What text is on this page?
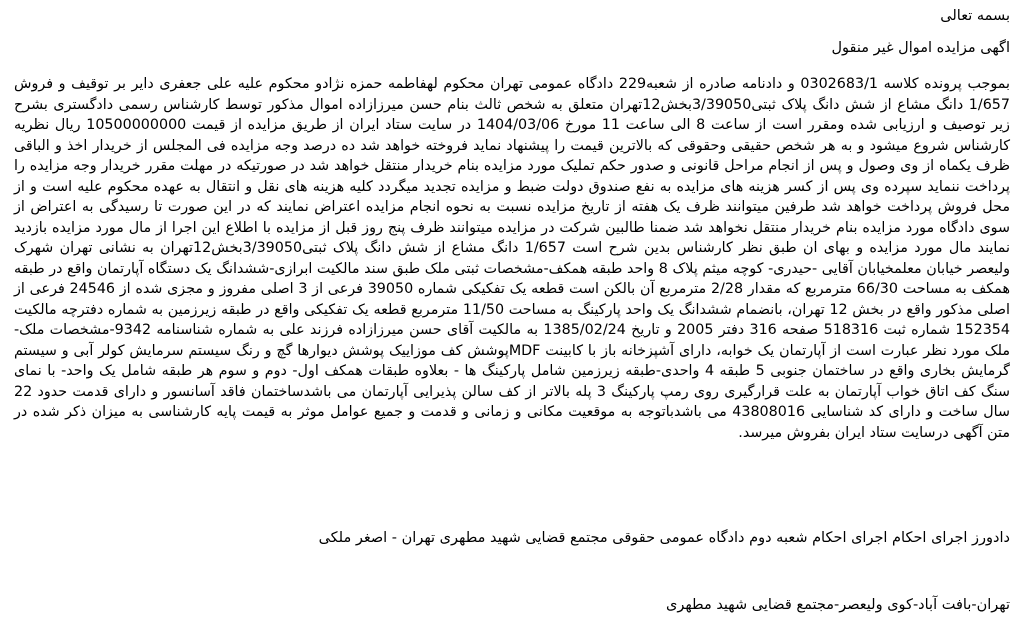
بسمه تعالی
اگهی مزایده اموال غیر منقول
بموجب پرونده کلاسه 0302683/1 و دادنامه صادره از شعبه229 دادگاه عمومی تهران محکوم لهفاطمه حمزه نژادو محکوم علیه علی جعفری دایر بر توقیف و فروش 1/657 دانگ مشاع از شش دانگ پلاک ثبتی3/39050بخش12تهران متعلق به شخص ثالث بنام حسن میرزازاده اموال مذکور توسط کارشناس رسمی دادگستری بشرح زیر توصیف و ارزیابی شده ومقرر است از ساعت 8 الی ساعت 11 مورخ 1404/03/06 در سایت ستاد ایران از طریق مزایده از قیمت 10500000000 ریال نظریه کارشناس شروع میشود و به هر شخص حقیقی وحقوقی که بالاترین قیمت را پیشنهاد نماید فروخته خواهد شد ده درصد وجه مزایده فی المجلس از خریدار اخذ و الباقی ظرف یکماه از وی وصول و پس از انجام مراحل قانونی و صدور حکم تملیک مورد مزایده بنام خریدار منتقل خواهد شد در صورتیکه در مهلت مقرر خریدار وجه مزایده را پرداخت ننماید سپرده وی پس از کسر هزینه های مزایده به نفع صندوق دولت ضبط و مزایده تجدید میگردد کلیه هزینه های نقل و انتقال به عهده محکوم علیه است و از محل فروش پرداخت خواهد شد طرفین میتوانند ظرف یک هفته از تاریخ مزایده نسبت به نحوه انجام مزایده اعتراض نمایند که در این صورت تا رسیدگی به اعتراض از سوی دادگاه مورد مزایده بنام خریدار منتقل نخواهد شد ضمنا طالبین شرکت در مزایده میتوانند ظرف پنج روز قبل از مزایده با اطلاع این اجرا از مال مورد مزایده بازدید نمایند مال مورد مزایده و بهای ان طبق نظر کارشناس بدین شرح است 1/657 دانگ مشاع از شش دانگ پلاک ثبتی3/39050بخش12تهران به نشانی تهران شهرک ولیعصر خیابان معلمخیابان آقایی -حیدری- کوچه میثم پلاک 8 واحد طبقه همکف-مشخصات ثبتی ملک طبق سند مالکیت ابرازی-ششدانگ یک دستگاه آپارتمان واقع در طبقه همکف به مساحت 66/30 مترمربع که مقدار 2/28 مترمربع آن بالکن است قطعه یک تفکیکی شماره 39050 فرعی از 3 اصلی مفروز و مجزی شده از 24546 فرعی از اصلی مذکور واقع در بخش 12 تهران، بانضمام ششدانگ یک واحد پارکینگ به مساحت 11/50 مترمربع قطعه یک تفکیکی واقع در طبقه زیرزمین به شماره دفترچه مالکیت 152354 شماره ثبت 518316 صفحه 316 دفتر 2005 و تاریخ 1385/02/24 به مالکیت آقای حسن میرزازاده فرزند علی به شماره شناسنامه 9342-مشخصات ملک-ملک مورد نظر عبارت است از آپارتمان یک خوابه، دارای آشپزخانه باز با کابینت MDFپوشش کف موزاییک پوشش دیوارها گچ و رنگ سیستم سرمایش کولر آبی و سیستم گرمایش بخاری واقع در ساختمان جنوبی 5 طبقه 4 واحدی-طبقه زیرزمین شامل پارکینگ ها - بعلاوه طبقات همکف اول- دوم و سوم هر طبقه شامل یک واحد- با نمای سنگ کف اتاق خواب آپارتمان به علت قرارگیری روی رمپ پارکینگ 3 پله بالاتر از کف سالن پذیرایی آپارتمان می باشدساختمان فاقد آسانسور و دارای قدمت حدود 22 سال ساخت و دارای کد شناسایی 43808016 می باشدباتوجه به موقعیت مکانی و زمانی و قدمت و جمیع عوامل موثر به قیمت پایه کارشناسی به میزان ذکر شده در متن آگهی درسایت ستاد ایران بفروش میرسد.
دادورز اجرای احکام اجرای احکام شعبه دوم دادگاه عمومی حقوقی مجتمع قضایی شهید مطهری تهران - اصغر ملکی
تهران-بافت آباد-کوی ولیعصر-مجتمع قضایی شهید مطهری
